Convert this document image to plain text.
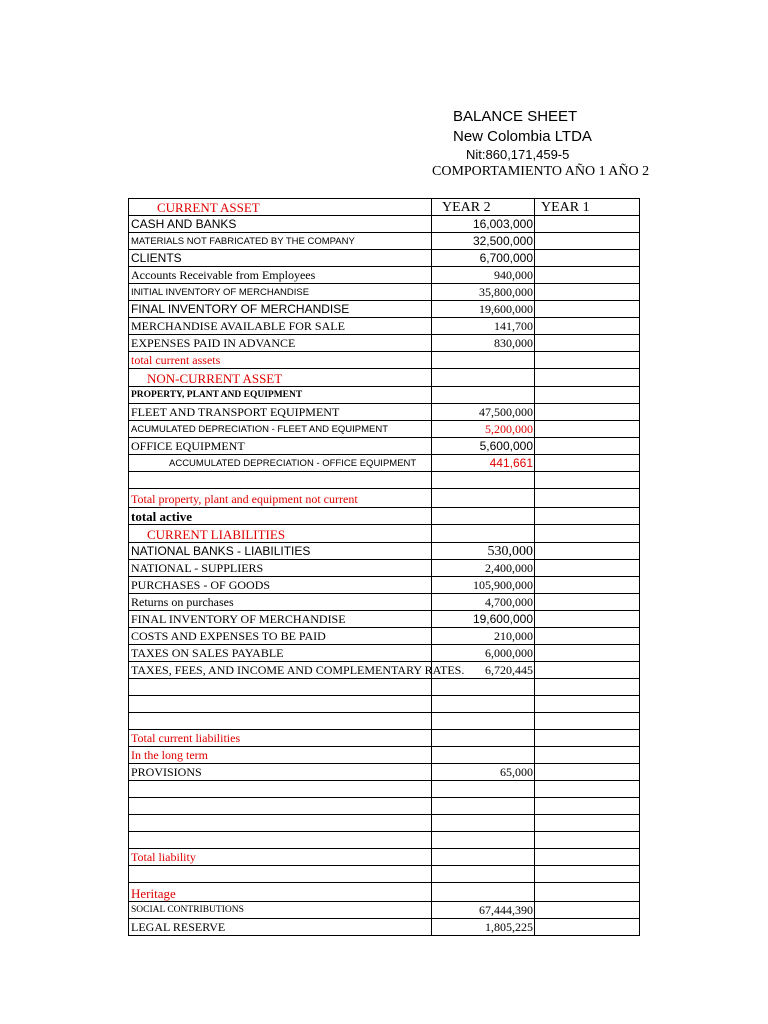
BALANCE SHEET
New Colombia LTDA
Nit:860,171,459-5
COMPORTAMIENTO AÑO 1 AÑO 2
CURRENT ASSET	YEAR 2	YEAR 1
CASH AND BANKS	16,003,000	
MATERIALS NOT FABRICATED BY THE COMPANY	32,500,000	
CLIENTS	6,700,000	
Accounts Receivable from Employees	940,000	
INITIAL INVENTORY OF MERCHANDISE	35,800,000	
FINAL INVENTORY OF MERCHANDISE	19,600,000	
MERCHANDISE AVAILABLE FOR SALE	141,700	
EXPENSES PAID IN ADVANCE	830,000	
total current assets		
NON-CURRENT ASSET		
PROPERTY, PLANT AND EQUIPMENT		
FLEET AND TRANSPORT EQUIPMENT	47,500,000	
ACUMULATED DEPRECIATION - FLEET AND EQUIPMENT	5,200,000	
OFFICE EQUIPMENT	5,600,000	
ACCUMULATED DEPRECIATION - OFFICE EQUIPMENT	441,661	

Total property, plant and equipment not current		
total active		
CURRENT LIABILITIES		
NATIONAL BANKS - LIABILITIES	530,000	
NATIONAL - SUPPLIERS	2,400,000	
PURCHASES - OF GOODS	105,900,000	
Returns on purchases	4,700,000	
FINAL INVENTORY OF MERCHANDISE	19,600,000	
COSTS AND EXPENSES TO BE PAID	210,000	
TAXES ON SALES PAYABLE	6,000,000	
TAXES, FEES, AND INCOME AND COMPLEMENTARY RATES.	6,720,445	

Total current liabilities		
In the long term		
PROVISIONS	65,000	

Total liability		

Heritage		
SOCIAL CONTRIBUTIONS	67,444,390	
LEGAL RESERVE	1,805,225	
